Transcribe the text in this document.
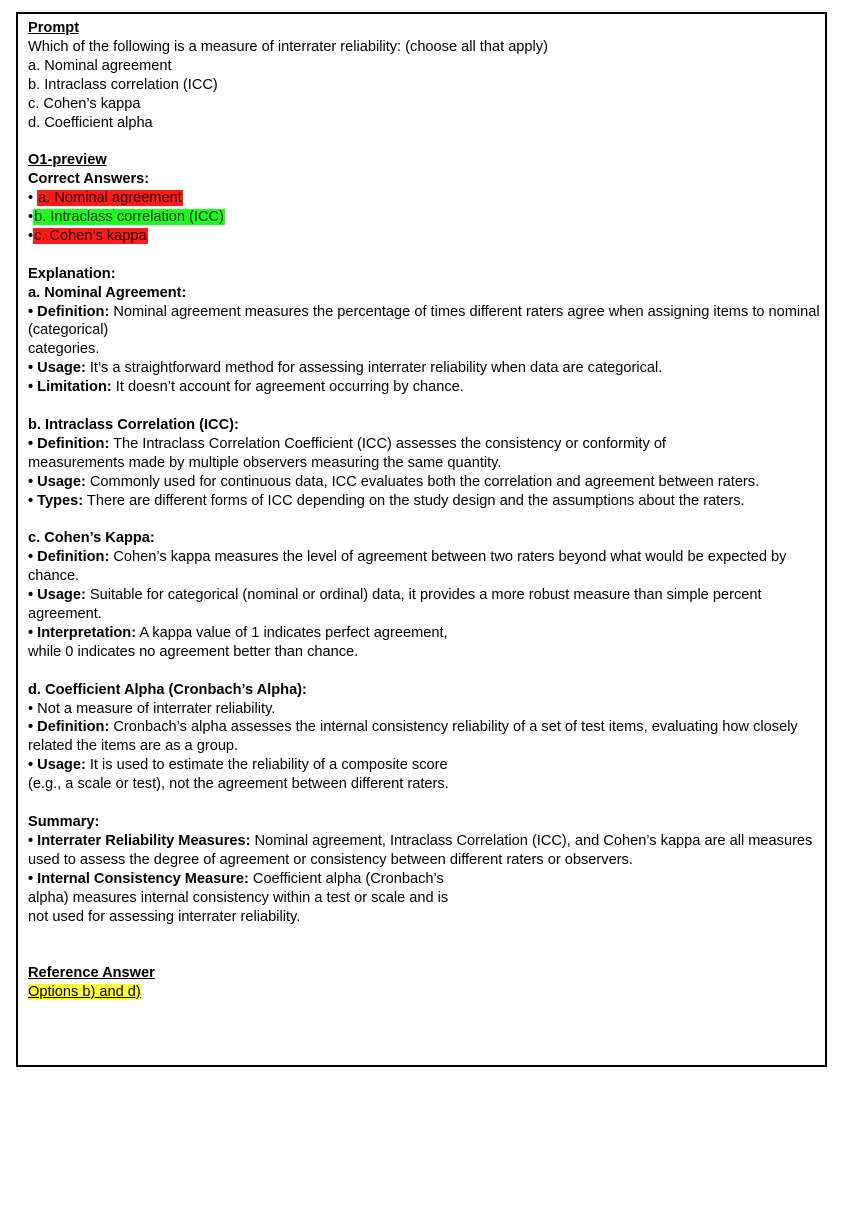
Prompt
Which of the following is a measure of interrater reliability: (choose all that apply)
a. Nominal agreement
b. Intraclass correlation (ICC)
c. Cohen’s kappa
d. Coefficient alpha
O1-preview
Correct Answers:
• a. Nominal agreement
•b. Intraclass correlation (ICC)
•c. Cohen’s kappa
Explanation:
a. Nominal Agreement:
• Definition: Nominal agreement measures the percentage of times different raters agree when assigning items to nominal (categorical)
categories.
• Usage: It’s a straightforward method for assessing interrater reliability when data are categorical.
• Limitation: It doesn’t account for agreement occurring by chance.
b. Intraclass Correlation (ICC):
• Definition: The Intraclass Correlation Coefficient (ICC) assesses the consistency or conformity of
measurements made by multiple observers measuring the same quantity.
• Usage: Commonly used for continuous data, ICC evaluates both the correlation and agreement between raters.
• Types: There are different forms of ICC depending on the study design and the assumptions about the raters.
c. Cohen’s Kappa:
• Definition: Cohen’s kappa measures the level of agreement between two raters beyond what would be expected by chance.
• Usage: Suitable for categorical (nominal or ordinal) data, it provides a more robust measure than simple percent agreement.
• Interpretation: A kappa value of 1 indicates perfect agreement,
while 0 indicates no agreement better than chance.
d. Coefficient Alpha (Cronbach’s Alpha):
• Not a measure of interrater reliability.
• Definition: Cronbach’s alpha assesses the internal consistency reliability of a set of test items, evaluating how closely related the items are as a group.
• Usage: It is used to estimate the reliability of a composite score
(e.g., a scale or test), not the agreement between different raters.
Summary:
• Interrater Reliability Measures: Nominal agreement, Intraclass Correlation (ICC), and Cohen’s kappa are all measures used to assess the degree of agreement or consistency between different raters or observers.
• Internal Consistency Measure: Coefficient alpha (Cronbach’s
alpha) measures internal consistency within a test or scale and is
not used for assessing interrater reliability.
Reference Answer
Options b) and d)
